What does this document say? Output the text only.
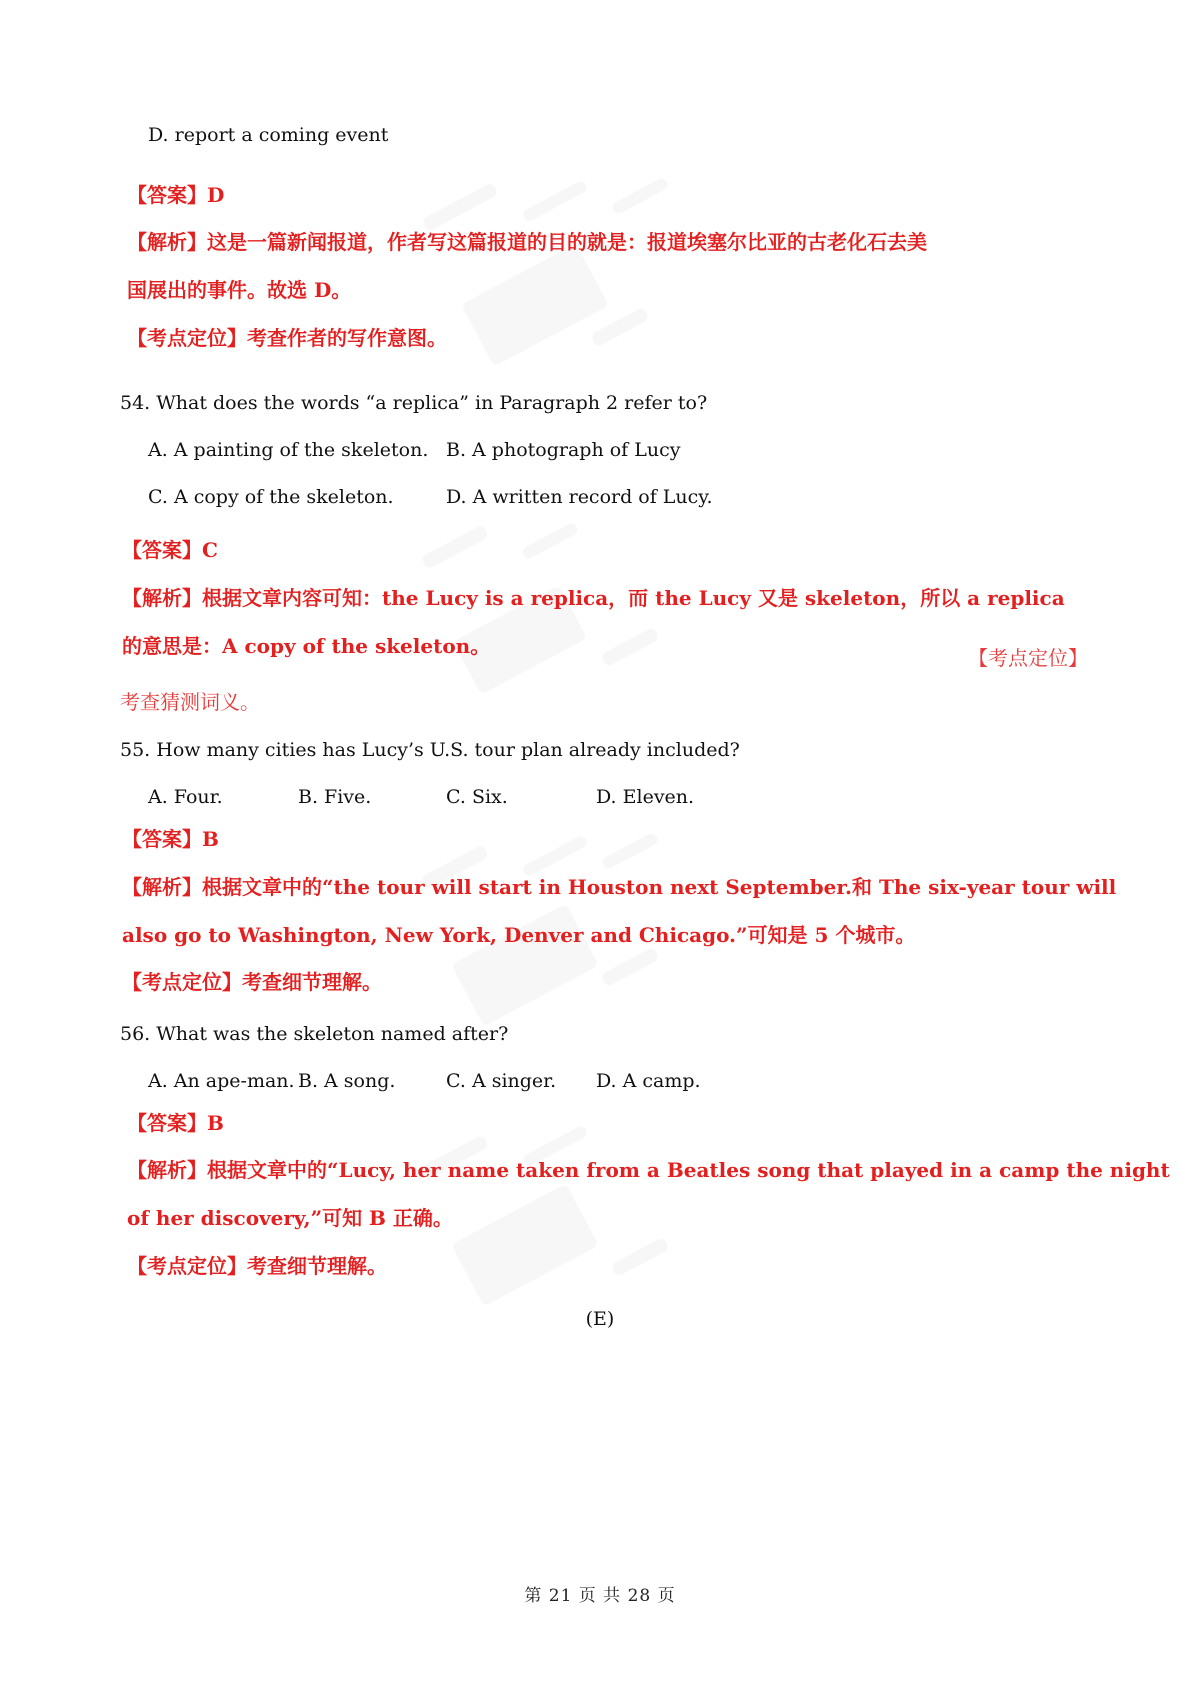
D. report a coming event
【答案】D
【解析】这是一篇新闻报道，作者写这篇报道的目的就是：报道埃塞尔比亚的古老化石去美
国展出的事件。故选 D。
【考点定位】考查作者的写作意图。
54. What does the words “a replica” in Paragraph 2 refer to?
A. A painting of the skeleton. B. A photograph of Lucy
C. A copy of the skeleton.	D. A written record of Lucy.
【答案】C
【解析】根据文章内容可知：the Lucy is a replica，而 the Lucy 又是 skeleton，所以 a replica
的意思是：A copy of the skeleton。	【考点定位】
考查猜测词义。
55. How many cities has Lucy’s U.S. tour plan already included?
A. Four.	B. Five.	C. Six.	D. Eleven.
【答案】B
【解析】根据文章中的“the tour will start in Houston next September.和 The six-year tour will
also go to Washington, New York, Denver and Chicago.”可知是 5 个城市。
【考点定位】考查细节理解。
56. What was the skeleton named after?
A. An ape-man. B. A song.	C. A singer. D. A camp.
【答案】B
【解析】根据文章中的“Lucy, her name taken from a Beatles song that played in a camp the night
of her discovery,”可知 B 正确。
【考点定位】考查细节理解。
(E)
第 21 页 共 28 页
